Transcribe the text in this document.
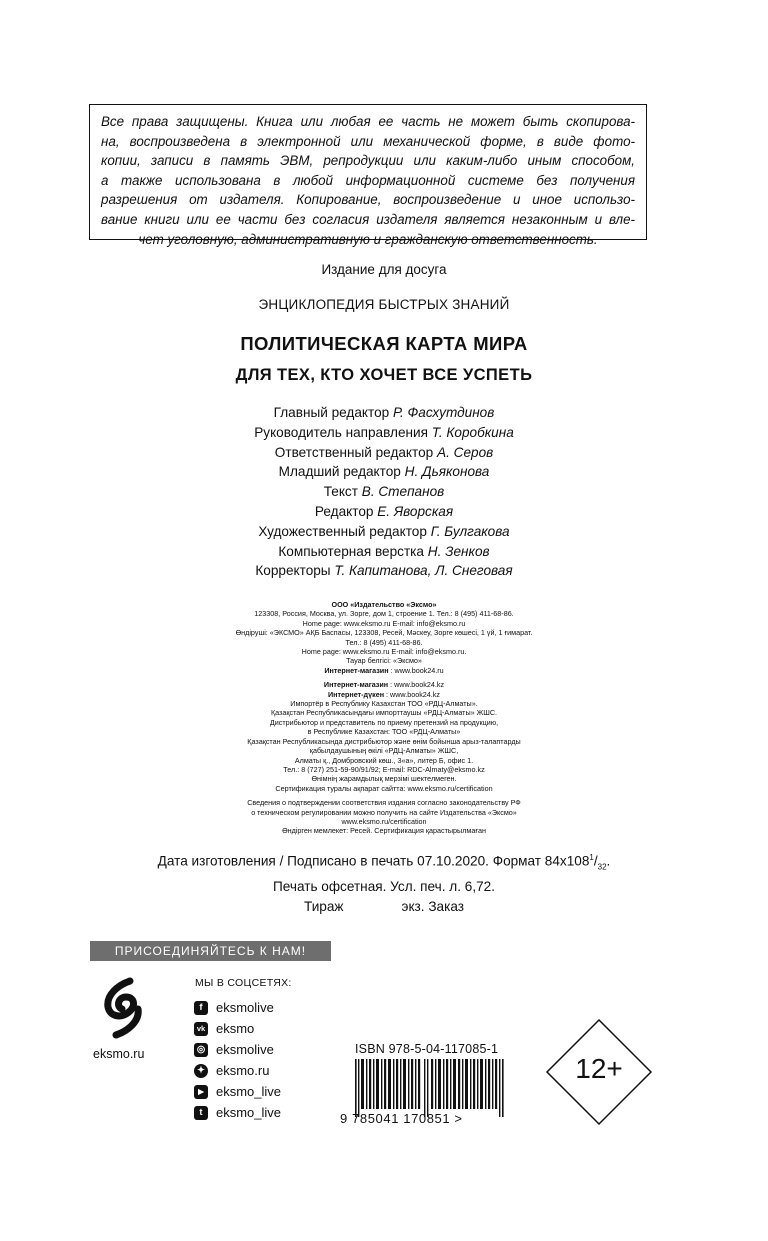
Все права защищены. Книга или любая ее часть не может быть скопирова-
на, воспроизведена в электронной или механической форме, в виде фото-
копии, записи в память ЭВМ, репродукции или каким-либо иным способом,
а также использована в любой информационной системе без получения
разрешения от издателя. Копирование, воспроизведение и иное использо-
вание книги или ее части без согласия издателя является незаконным и вле-
чет уголовную, административную и гражданскую ответственность.

Издание для досуга
ЭНЦИКЛОПЕДИЯ БЫСТРЫХ ЗНАНИЙ
ПОЛИТИЧЕСКАЯ КАРТА МИРА
ДЛЯ ТЕХ, КТО ХОЧЕТ ВСЕ УСПЕТЬ
Главный редактор Р. Фасхутдинов
Руководитель направления Т. Коробкина
Ответственный редактор А. Серов
Младший редактор Н. Дьяконова
Текст В. Степанов
Редактор Е. Яворская
Художественный редактор Г. Булгакова
Компьютерная верстка Н. Зенков
Корректоры Т. Капитанова, Л. Снеговая
ООО «Издательство «Эксмо»
123308, Россия, Москва, ул. Зорге, дом 1, строение 1. Тел.: 8 (495) 411-68-86.
Home page: www.eksmo.ru E-mail: info@eksmo.ru
Өндіруші: «ЭКСМО» АҚБ Баспасы, 123308, Ресей, Мәскеу, Зорге көшесі, 1 үй, 1 ғимарат.
Тел.: 8 (495) 411-68-86.
Home page: www.eksmo.ru E-mail: info@eksmo.ru.
Тауар белгісі: «Эксмо»
Интернет-магазин : www.book24.ru
Интернет-магазин : www.book24.kz
Интернет-дүкен : www.book24.kz
Импортёр в Республику Казахстан ТОО «РДЦ-Алматы».
Қазақстан Республикасындағы импорттаушы «РДЦ-Алматы» ЖШС.
Дистрибьютор и представитель по приему претензий на продукцию,
в Республике Казахстан: ТОО «РДЦ-Алматы»
Қазақстан Республикасында дистрибьютор және өнім бойынша арыз-талаптарды
қабылдаушының өкілі «РДЦ-Алматы» ЖШС,
Алматы қ., Домбровский көш., 3«а», литер Б, офис 1.
Тел.: 8 (727) 251-59-90/91/92; E-mail: RDC-Almaty@eksmo.kz
Өнімнің жарамдылық мерзімі шектелмеген.
Сертификация туралы ақпарат сайтта: www.eksmo.ru/certification
Сведения о подтверждении соответствия издания согласно законодательству РФ
о техническом регулировании можно получить на сайте Издательства «Эксмо»
www.eksmo.ru/certification
Өндірген мемлекет: Ресей. Сертификация қарастырылмаған
Дата изготовления / Подписано в печать 07.10.2020. Формат $84x108^1/_{32}$.
Печать офсетная. Усл. печ. л. 6,72.
Тираж	экз. Заказ
ПРИСОЕДИНЯЙТЕСЬ К НАМ!
eksmo.ru
МЫ В СОЦСЕТЯХ:
f	eksmolive
vk eksmo
◎ eksmolive
✦ eksmo.ru
▶ eksmo_live
t	eksmo_live
ISBN 978-5-04-117085-1
9 785041 170851 >
12+
